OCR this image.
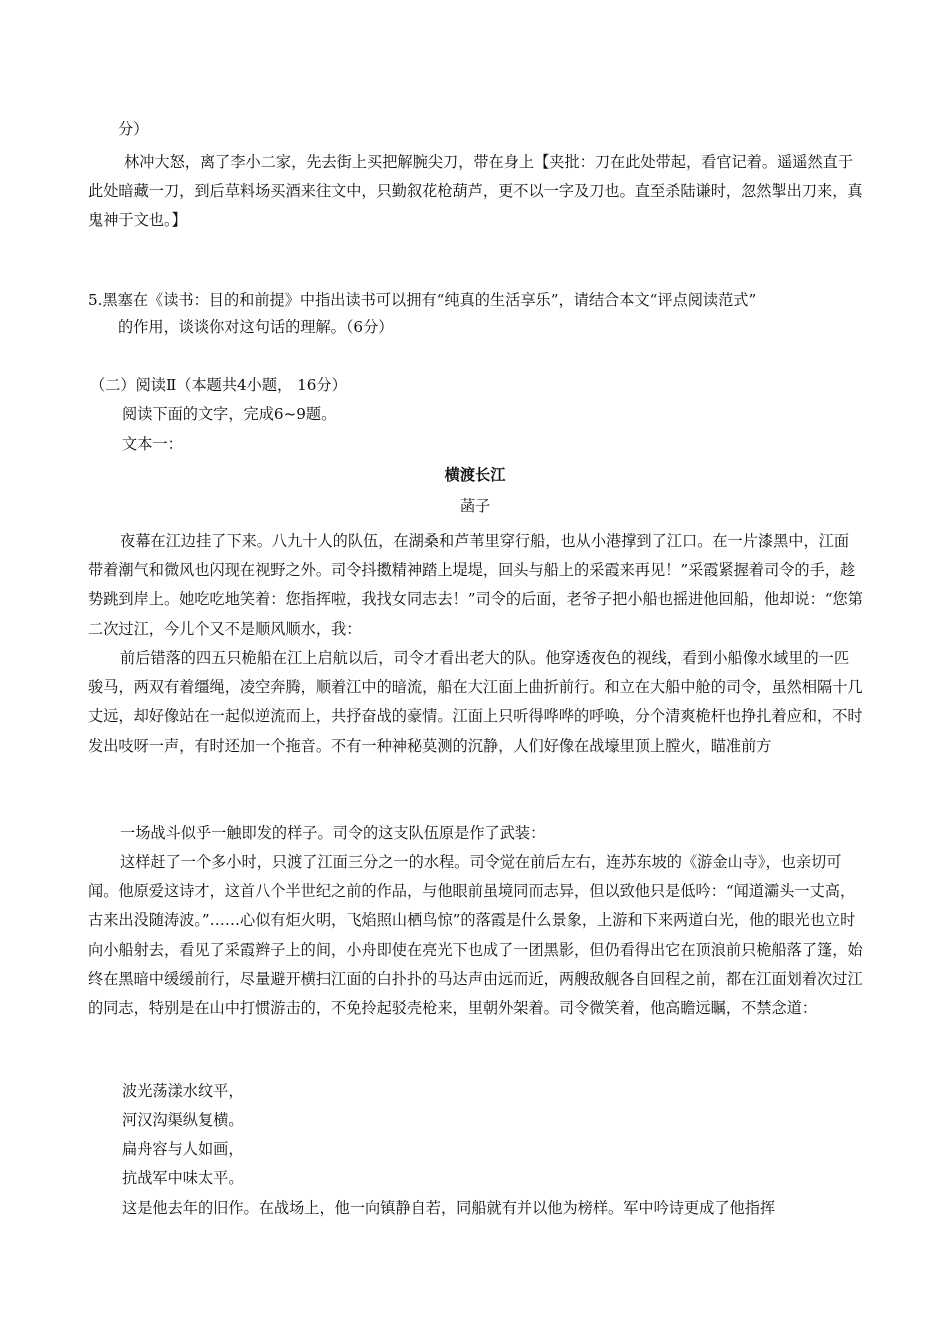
分）
林冲大怒，离了李小二家，先去街上买把解腕尖刀，带在身上【夹批：刀在此处带起，看官记着。遥遥然直于此处暗藏一刀，到后草料场买酒来往文中，只勤叙花枪葫芦，更不以一字及刀也。直至杀陆谦时，忽然掣出刀来，真鬼神于文也。】
5.黑塞在《读书：目的和前提》中指出读书可以拥有“纯真的生活享乐”，请结合本文“评点阅读范式”
的作用，谈谈你对这句话的理解。（6分）
（二）阅读Ⅱ（本题共4小题， 16分）
阅读下面的文字，完成6~9题。
文本一：
横渡长江
菡子
夜幕在江边挂了下来。八九十人的队伍，在湖桑和芦苇里穿行船，也从小港撑到了江口。在一片漆黑中，江面带着潮气和微风也闪现在视野之外。司令抖擞精神踏上堤堤，回头与船上的采霞来再见！”采霞紧握着司令的手，趁势跳到岸上。她吃吃地笑着：您指挥啦，我找女同志去！”司令的后面，老爷子把小船也摇进他回船，他却说：“您第二次过江，今儿个又不是顺风顺水，我：
前后错落的四五只桅船在江上启航以后，司令才看出老大的队。他穿透夜色的视线，看到小船像水域里的一匹骏马，两双有着缰绳，凌空奔腾，顺着江中的暗流，船在大江面上曲折前行。和立在大船中舱的司令，虽然相隔十几丈远，却好像站在一起似逆流而上，共抒奋战的豪情。江面上只听得哗哗的呼唤，分个清爽桅杆也挣扎着应和，不时发出吱呀一声，有时还加一个拖音。不有一种神秘莫测的沉静，人们好像在战壕里顶上膛火，瞄准前方
一场战斗似乎一触即发的样子。司令的这支队伍原是作了武装：
这样赶了一个多小时，只渡了江面三分之一的水程。司令觉在前后左右，连苏东坡的《游金山寺》，也亲切可闻。他原爱这诗才，这首八个半世纪之前的作品，与他眼前虽境同而志异，但以致他只是低吟：“闻道灞头一丈高，古来出没随涛波。”……心似有炬火明，飞焰照山栖鸟惊”的落霞是什么景象，上游和下来两道白光，他的眼光也立时向小船射去，看见了采霞辫子上的间，小舟即使在亮光下也成了一团黑影，但仍看得出它在顶浪前只桅船落了篷，始终在黑暗中缓缓前行，尽量避开横扫江面的白扑扑的马达声由远而近，两艘敌舰各自回程之前，都在江面划着次过江的同志，特别是在山中打惯游击的，不免拎起驳壳枪来，里朝外架着。司令微笑着，他高瞻远瞩，不禁念道：
波光荡漾水纹平，
河汉沟渠纵复横。
扁舟容与人如画，
抗战军中味太平。
这是他去年的旧作。在战场上，他一向镇静自若，同船就有并以他为榜样。军中吟诗更成了他指挥
